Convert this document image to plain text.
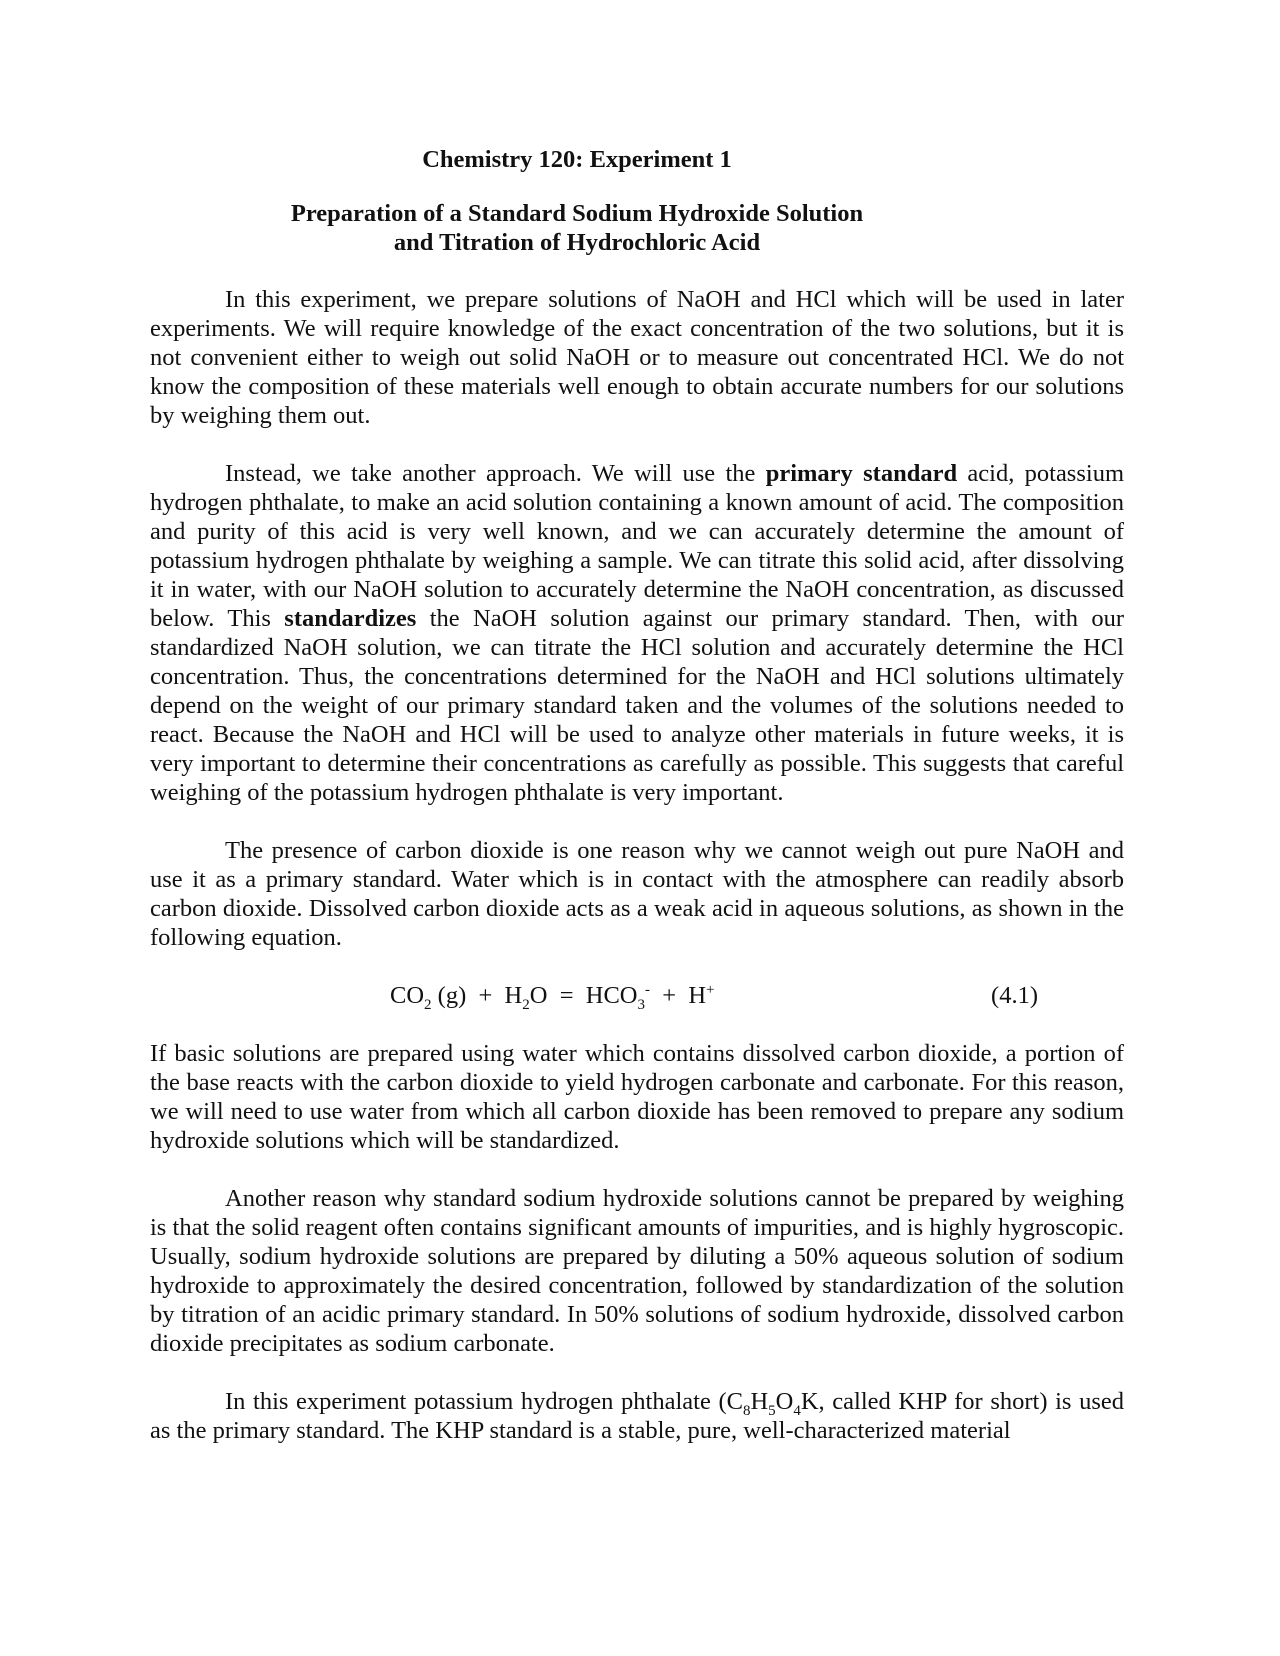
Chemistry 120: Experiment 1
Preparation of a Standard Sodium Hydroxide Solution
and Titration of Hydrochloric Acid

In this experiment, we prepare solutions of NaOH and HCl which will be used in later experiments. We will require knowledge of the exact concentration of the two solutions, but it is not convenient either to weigh out solid NaOH or to measure out concentrated HCl. We do not know the composition of these materials well enough to obtain accurate numbers for our solutions by weighing them out.

Instead, we take another approach. We will use the primary standard acid, potassium hydrogen phthalate, to make an acid solution containing a known amount of acid. The composition and purity of this acid is very well known, and we can accurately determine the amount of potassium hydrogen phthalate by weighing a sample. We can titrate this solid acid, after dissolving it in water, with our NaOH solution to accurately determine the NaOH concentration, as discussed below. This standardizes the NaOH solution against our primary standard. Then, with our standardized NaOH solution, we can titrate the HCl solution and accurately determine the HCl concentration. Thus, the concentrations determined for the NaOH and HCl solutions ultimately depend on the weight of our primary standard taken and the volumes of the solutions needed to react. Because the NaOH and HCl will be used to analyze other materials in future weeks, it is very important to determine their concentrations as carefully as possible. This suggests that careful weighing of the potassium hydrogen phthalate is very important.

The presence of carbon dioxide is one reason why we cannot weigh out pure NaOH and use it as a primary standard. Water which is in contact with the atmosphere can readily absorb carbon dioxide. Dissolved carbon dioxide acts as a weak acid in aqueous solutions, as shown in the following equation.

$CO_2$ $(g) + H_2O = HCO_3^- + H^+$	(4.1)

If basic solutions are prepared using water which contains dissolved carbon dioxide, a portion of the base reacts with the carbon dioxide to yield hydrogen carbonate and carbonate. For this reason, we will need to use water from which all carbon dioxide has been removed to prepare any sodium hydroxide solutions which will be standardized.

Another reason why standard sodium hydroxide solutions cannot be prepared by weighing is that the solid reagent often contains significant amounts of impurities, and is highly hygroscopic. Usually, sodium hydroxide solutions are prepared by diluting a 50% aqueous solution of sodium hydroxide to approximately the desired concentration, followed by standardization of the solution by titration of an acidic primary standard. In 50% solutions of sodium hydroxide, dissolved carbon dioxide precipitates as sodium carbonate.

In this experiment potassium hydrogen phthalate ($C_8H_5O_4K$, called KHP for short) is used as the primary standard. The KHP standard is a stable, pure, well-characterized material
